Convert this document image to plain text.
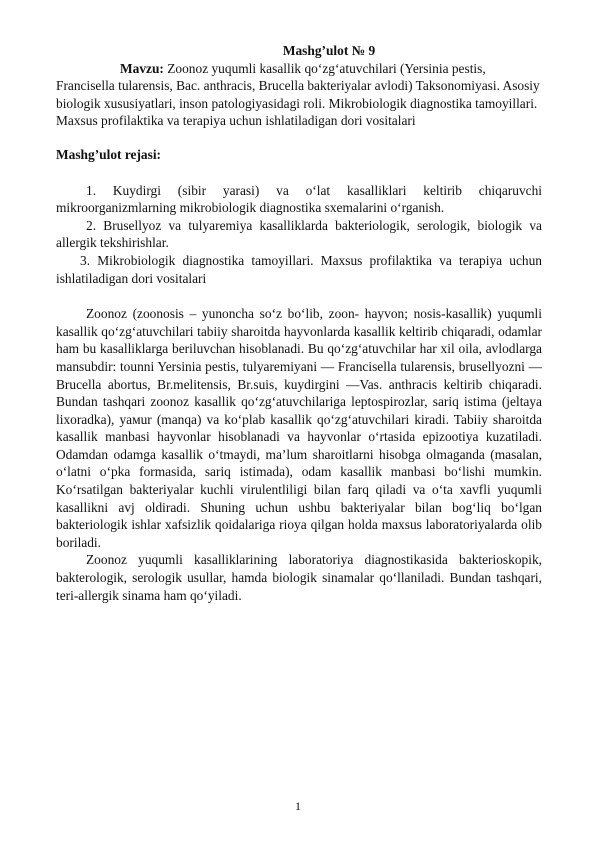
Mashg’ulot № 9

Mavzu: Zoonoz yuqumli kasallik qo‘zg‘atuvchilari (Yersinia pestis, Francisella tularensis, Bac. anthracis, Brucella bakteriyalar avlodi) Taksonomiyasi. Asosiy biologik xususiyatlari, inson patologiyasidagi roli. Mikrobiologik diagnostika tamoyillari. Maxsus profilaktika va terapiya uchun ishlatiladigan dori vositalari

Mashg’ulot rejasi:

1. Kuydirgi (sibir yarasi) va o‘lat kasalliklari keltirib chiqaruvchi mikroorganizmlarning mikrobiologik diagnostika sxemalarini o‘rganish.

2. Brusellyoz va tulyaremiya kasalliklarda bakteriologik, serologik, biologik va allergik tekshirishlar.

3. Mikrobiologik diagnostika tamoyillari. Maxsus profilaktika va terapiya uchun ishlatiladigan dori vositalari

Zoonoz (zoonosis – yunoncha so‘z bo‘lib, zoon- hayvon; nosis-kasallik) yuqumli kasallik qo‘zg‘atuvchilari tabiiy sharoitda hayvonlarda kasallik keltirib chiqaradi, odamlar ham bu kasalliklarga beriluvchan hisoblanadi. Bu qo‘zg‘atuvchilar har xil oila, avlodlarga mansubdir: tounni Yersinia pestis, tulyaremiyani — Francisella tularensis, brusellyozni — Brucella abortus, Br.melitensis, Br.suis, kuydirgini —Vas. anthracis keltirib chiqaradi. Bundan tashqari zoonoz kasallik qo‘zg‘atuvchilariga leptospirozlar, sariq istima (jeltaya lixoradka), yaмur (manqa) va ko‘plab kasallik qo‘zg‘atuvchilari kiradi. Tabiiy sharoitda kasallik manbasi hayvonlar hisoblanadi va hayvonlar o‘rtasida epizootiya kuzatiladi. Odamdan odamga kasallik o‘tmaydi, ma’lum sharoitlarni hisobga olmaganda (masalan, o‘latni o‘pka formasida, sariq istimada), odam kasallik manbasi bo‘lishi mumkin. Ko‘rsatilgan bakteriyalar kuchli virulentliligi bilan farq qiladi va o‘ta xavfli yuqumli kasallikni avj oldiradi. Shuning uchun ushbu bakteriyalar bilan bog‘liq bo‘lgan bakteriologik ishlar xafsizlik qoidalariga rioya qilgan holda maxsus laboratoriyalarda olib boriladi.

Zoonoz yuqumli kasalliklarining laboratoriya diagnostikasida bakterioskopik, bakterologik, serologik usullar, hamda biologik sinamalar qo‘llaniladi. Bundan tashqari, teri-allergik sinama ham qo‘yiladi.

1
